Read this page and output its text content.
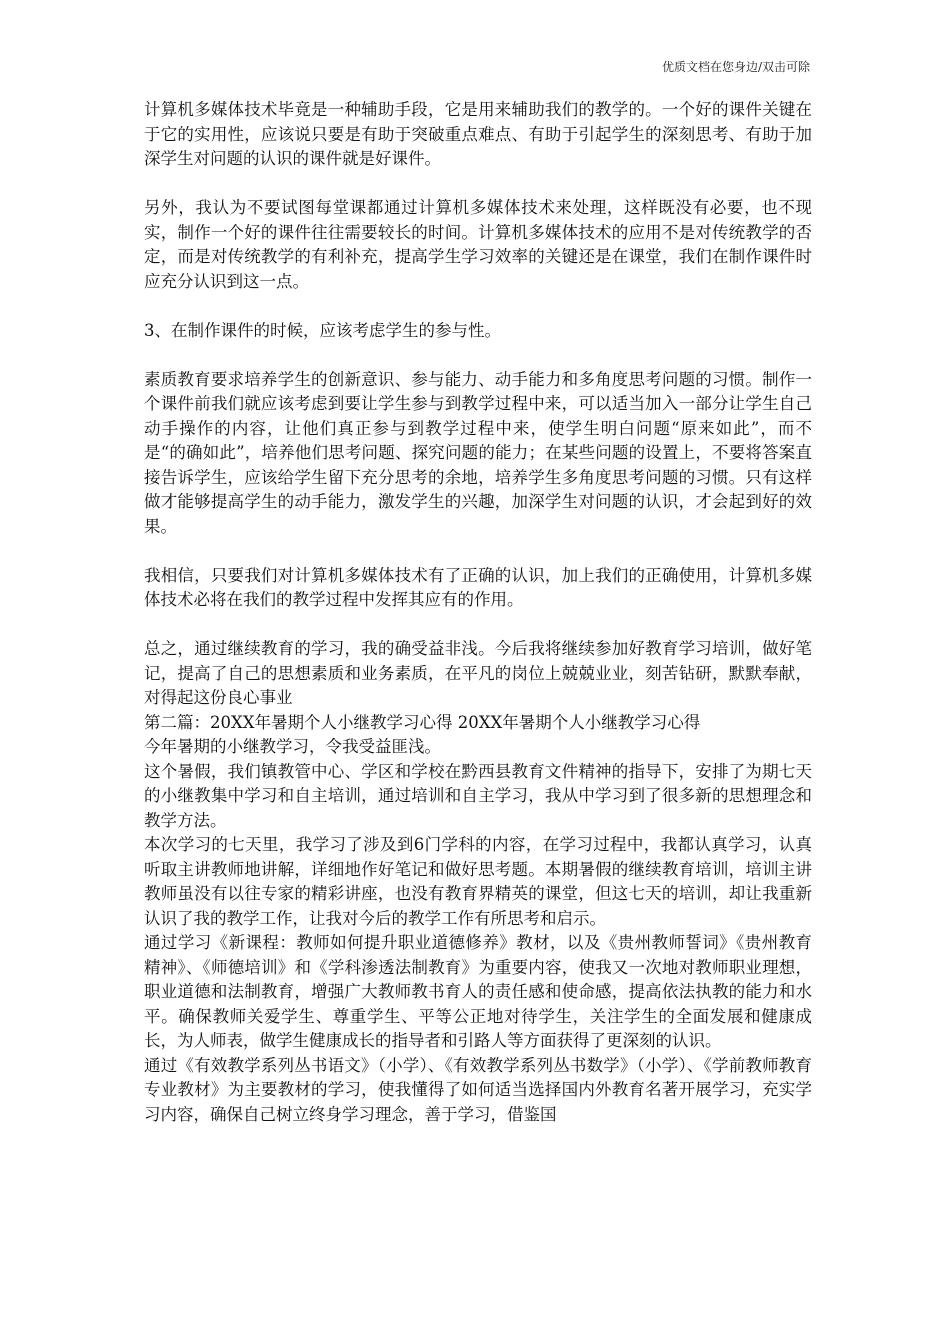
优质文档在您身边/双击可除

计算机多媒体技术毕竟是一种辅助手段，它是用来辅助我们的教学的。一个好的课件关键在于它的实用性，应该说只要是有助于突破重点难点、有助于引起学生的深刻思考、有助于加深学生对问题的认识的课件就是好课件。

另外，我认为不要试图每堂课都通过计算机多媒体技术来处理，这样既没有必要，也不现实，制作一个好的课件往往需要较长的时间。计算机多媒体技术的应用不是对传统教学的否定，而是对传统教学的有利补充，提高学生学习效率的关键还是在课堂，我们在制作课件时应充分认识到这一点。

3、在制作课件的时候，应该考虑学生的参与性。

素质教育要求培养学生的创新意识、参与能力、动手能力和多角度思考问题的习惯。制作一个课件前我们就应该考虑到要让学生参与到教学过程中来，可以适当加入一部分让学生自己动手操作的内容，让他们真正参与到教学过程中来，使学生明白问题“原来如此”，而不是“的确如此”，培养他们思考问题、探究问题的能力；在某些问题的设置上，不要将答案直接告诉学生，应该给学生留下充分思考的余地，培养学生多角度思考问题的习惯。只有这样做才能够提高学生的动手能力，激发学生的兴趣，加深学生对问题的认识，才会起到好的效果。

我相信，只要我们对计算机多媒体技术有了正确的认识，加上我们的正确使用，计算机多媒体技术必将在我们的教学过程中发挥其应有的作用。

总之，通过继续教育的学习，我的确受益非浅。今后我将继续参加好教育学习培训，做好笔记，提高了自己的思想素质和业务素质，在平凡的岗位上兢兢业业，刻苦钻研，默默奉献，对得起这份良心事业

第二篇：20XX年暑期个人小继教学习心得 20XX年暑期个人小继教学习心得

今年暑期的小继教学习，令我受益匪浅。

这个暑假，我们镇教管中心、学区和学校在黔西县教育文件精神的指导下，安排了为期七天的小继教集中学习和自主培训，通过培训和自主学习，我从中学习到了很多新的思想理念和教学方法。

本次学习的七天里，我学习了涉及到6门学科的内容，在学习过程中，我都认真学习，认真听取主讲教师地讲解，详细地作好笔记和做好思考题。本期暑假的继续教育培训，培训主讲教师虽没有以往专家的精彩讲座，也没有教育界精英的课堂，但这七天的培训，却让我重新认识了我的教学工作，让我对今后的教学工作有所思考和启示。

通过学习《新课程：教师如何提升职业道德修养》教材，以及《贵州教师誓词》《贵州教育精神》、《师德培训》和《学科渗透法制教育》为重要内容，使我又一次地对教师职业理想，职业道德和法制教育，增强广大教师教书育人的责任感和使命感，提高依法执教的能力和水平。确保教师关爱学生、尊重学生、平等公正地对待学生，关注学生的全面发展和健康成长，为人师表，做学生健康成长的指导者和引路人等方面获得了更深刻的认识。

通过《有效教学系列丛书语文》（小学）、《有效教学系列丛书数学》（小学）、《学前教师教育专业教材》为主要教材的学习，使我懂得了如何适当选择国内外教育名著开展学习，充实学习内容，确保自己树立终身学习理念，善于学习，借鉴国
